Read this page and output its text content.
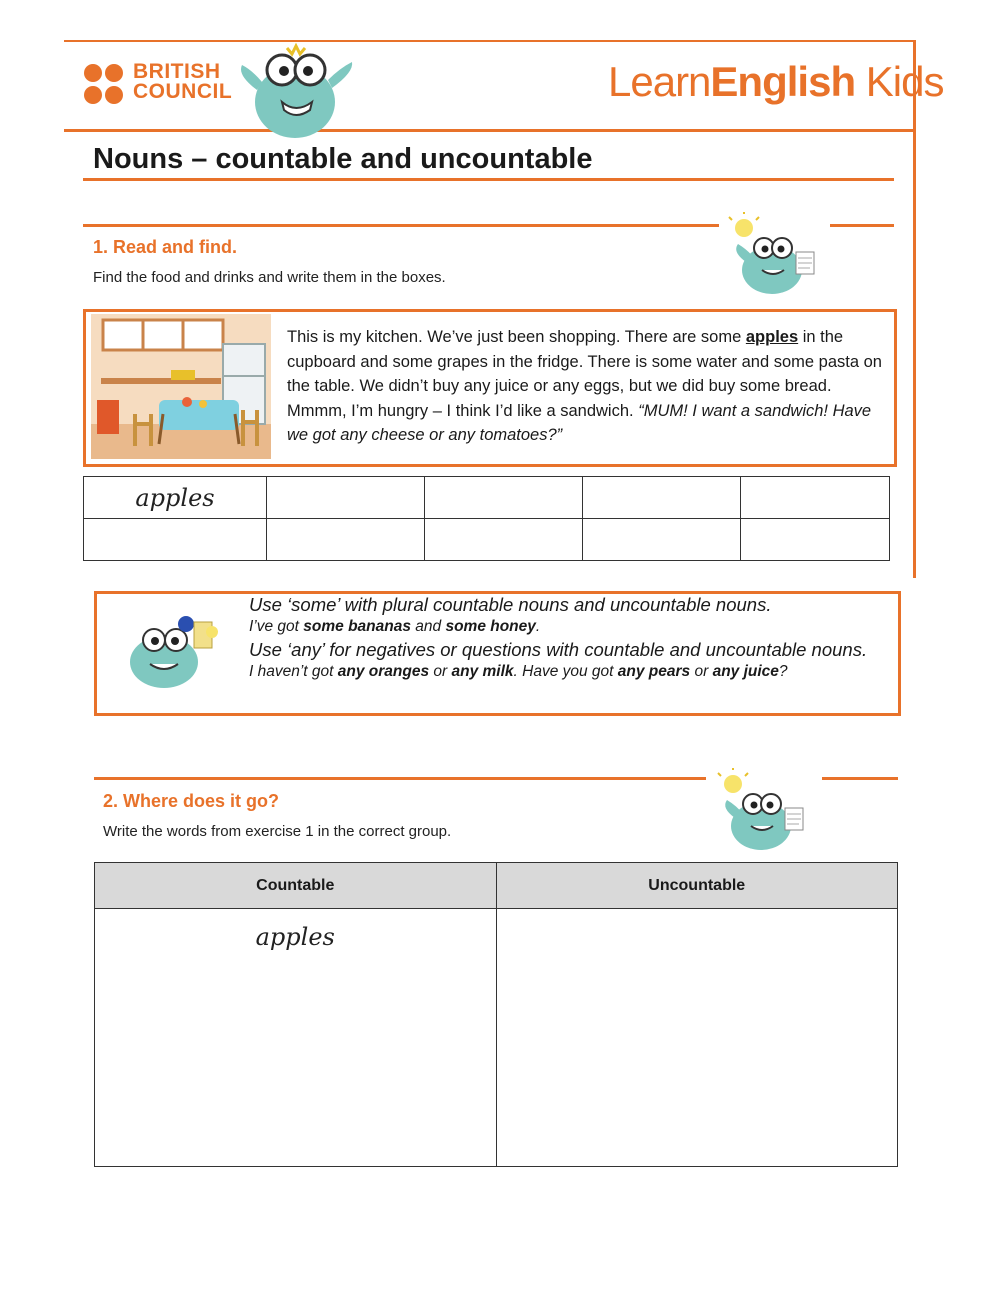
BRITISH
COUNCIL	LearnEnglish Kids
Nouns – countable and uncountable
1. Read and find.
Find the food and drinks and write them in the boxes.
This is my kitchen. We’ve just been shopping. There are some apples in the cupboard and some grapes in the fridge. There is some water and some pasta on the table. We didn’t buy any juice or any eggs, but we did buy some bread. Mmmm, I’m hungry – I think I’d like a sandwich. “MUM! I want a sandwich! Have we got any cheese or any tomatoes?”
apples				

Use ‘some’ with plural countable nouns and uncountable nouns.
I’ve got some bananas and some honey.
Use ‘any’ for negatives or questions with countable and uncountable nouns.
I haven’t got any oranges or any milk. Have you got any pears or any juice?
2. Where does it go?
Write the words from exercise 1 in the correct group.
Countable	Uncountable

apples	
